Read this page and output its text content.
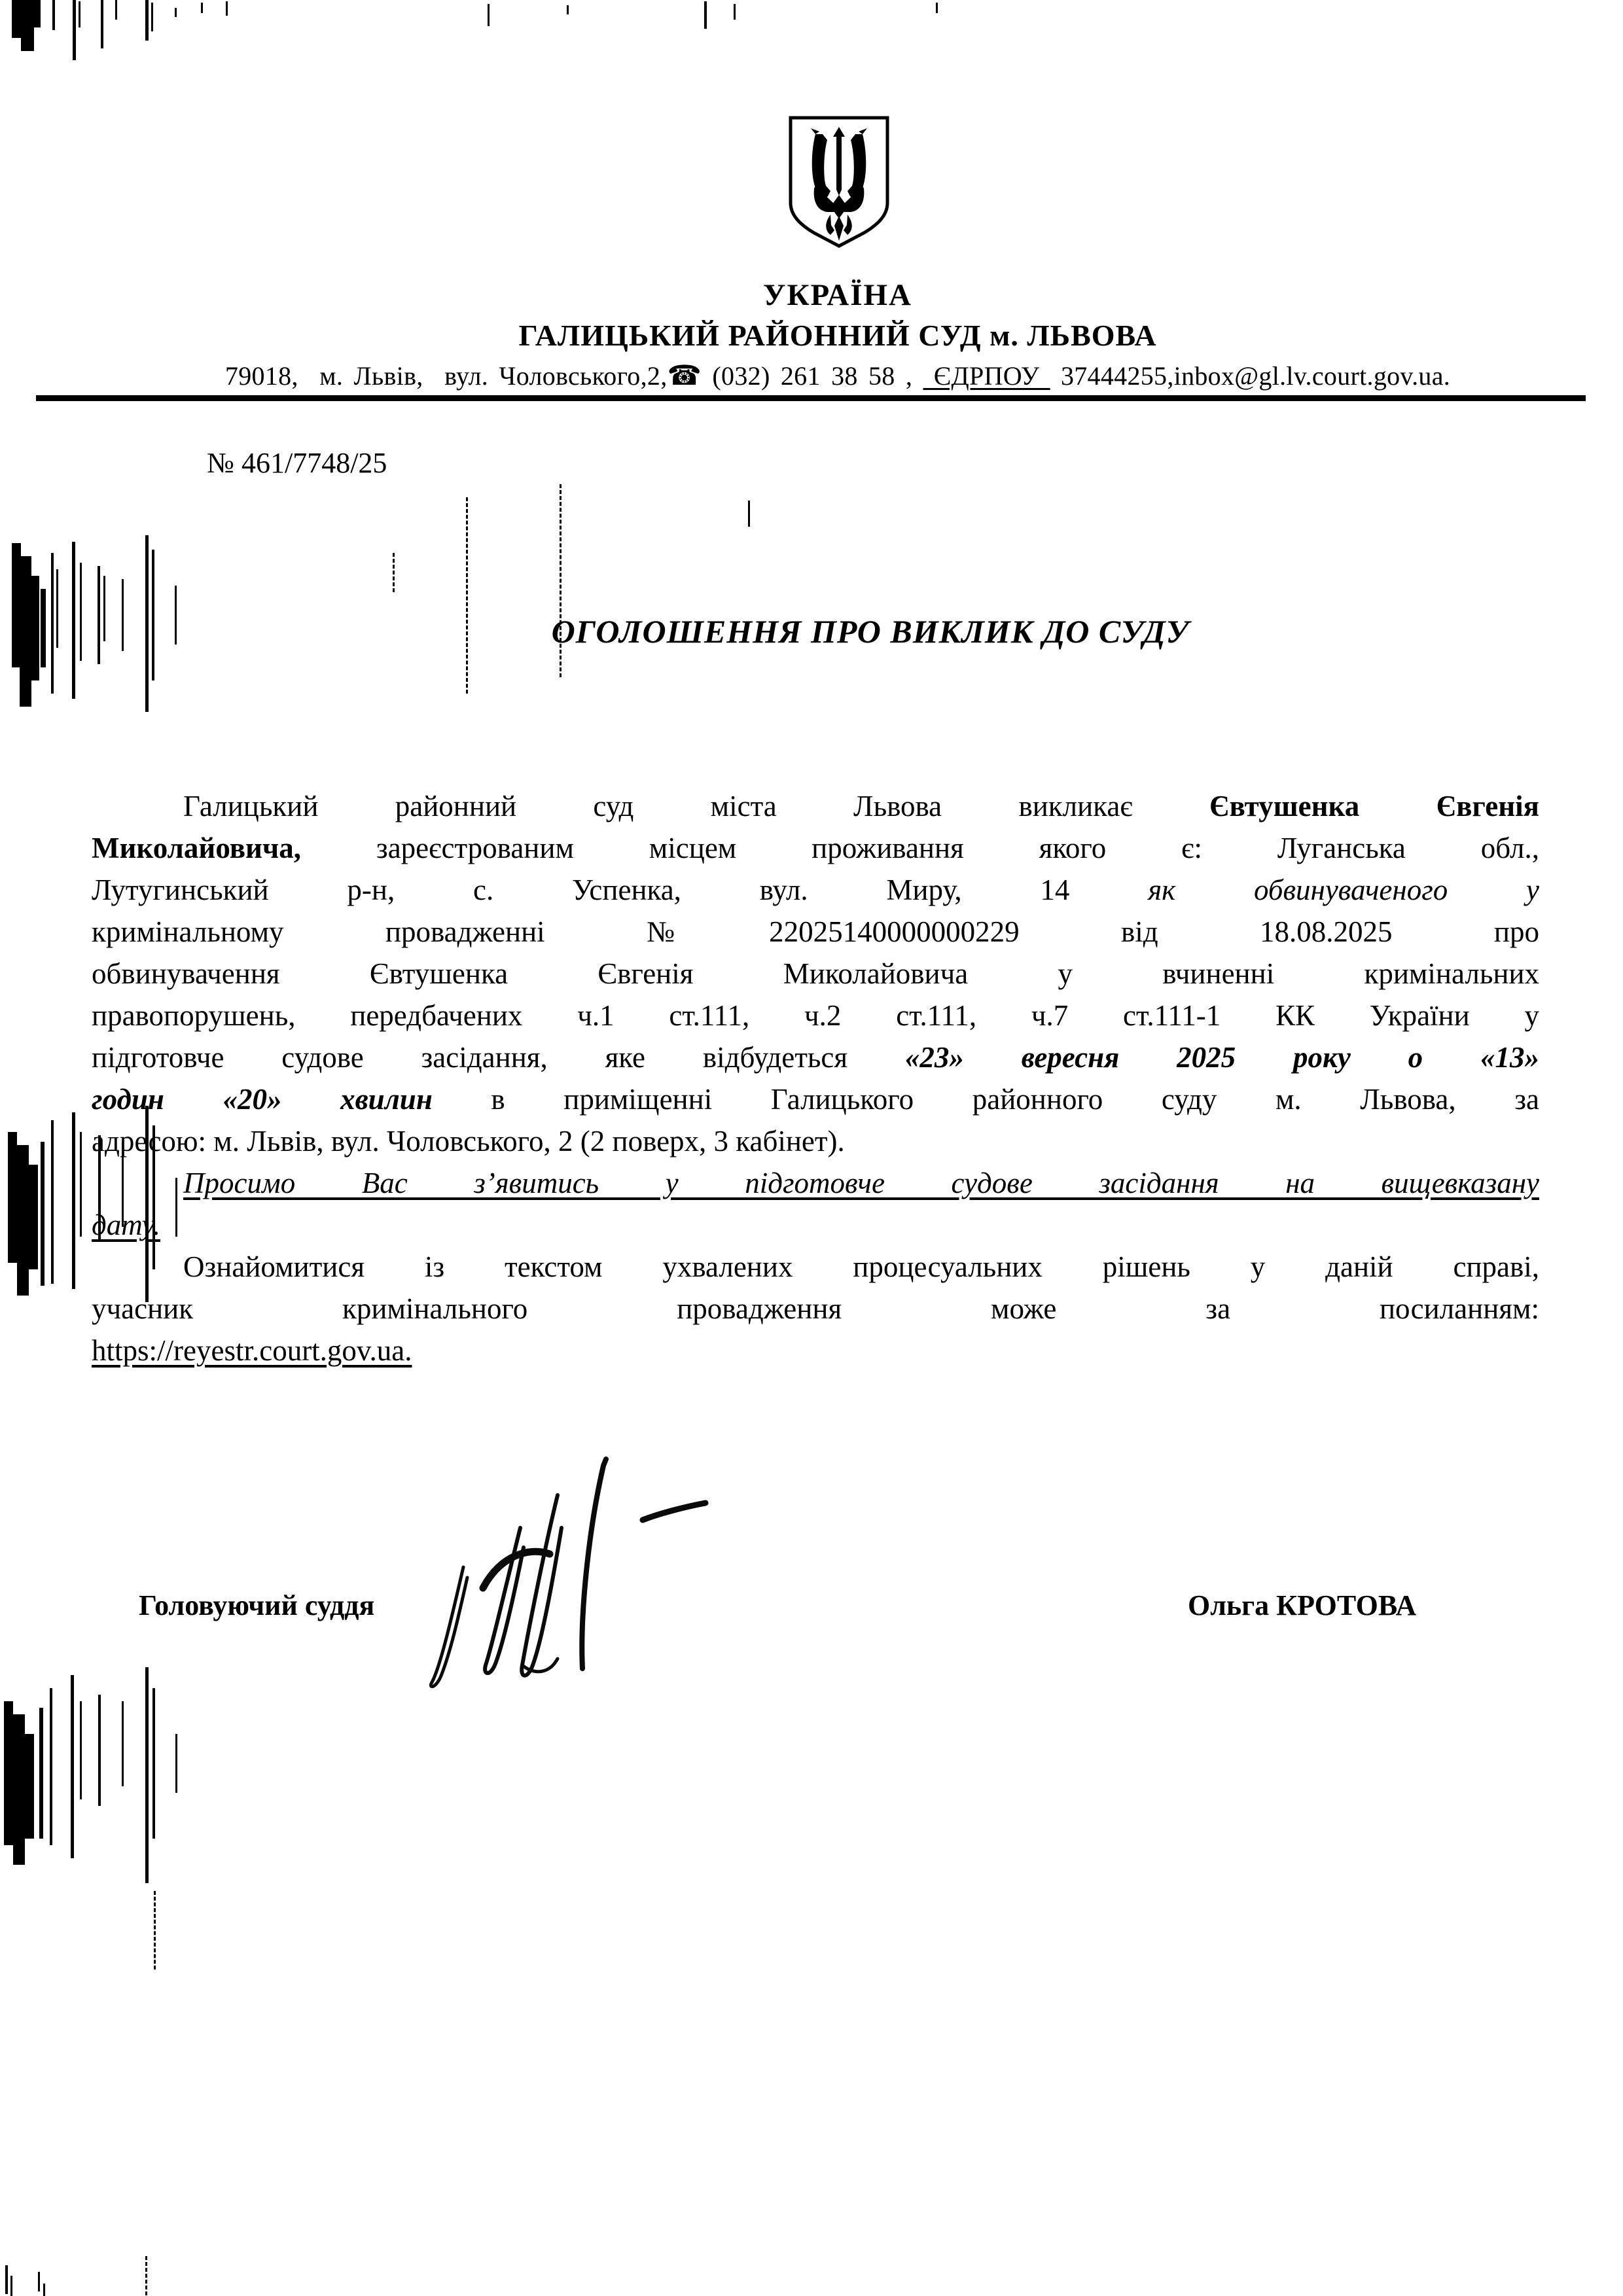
УКРАЇНА
ГАЛИЦЬКИЙ РАЙОННИЙ СУД м. ЛЬВОВА
79018,  м. Львів,  вул. Чоловського,2,☎ (032) 261 38 58 ,  ЄДРПОУ  37444255,inbox@gl.lv.court.gov.ua.
№ 461/7748/25
ОГОЛОШЕННЯ ПРО ВИКЛИК ДО СУДУ
Галицький районний суд міста Львова викликає Євтушенка Євгенія
Миколайовича, зареєстрованим місцем проживання якого є: Луганська обл.,
Лутугинський р-н, с. Успенка, вул. Миру, 14 як обвинуваченого у
кримінальному провадженні №22025140000000229 від 18.08.2025 про
обвинувачення Євтушенка Євгенія Миколайовича у вчиненні кримінальних
правопорушень, передбачених ч.1 ст.111, ч.2 ст.111, ч.7 ст.111-1 КК України у
підготовче судове засідання, яке відбудеться «23» вересня 2025 року о «13»
годин «20» хвилин в приміщенні Галицького районного суду м. Львова, за
адресою: м. Львів, вул. Чоловського, 2 (2 поверх, 3 кабінет).
Просимо Вас з’явитись у підготовче судове засідання на вищевказану
дату.
Ознайомитися із текстом ухвалених процесуальних рішень у даній справі,
учасник кримінального провадження може за посиланням:
https://reyestr.court.gov.ua.
Головуючий суддя	Ольга КРОТОВА
